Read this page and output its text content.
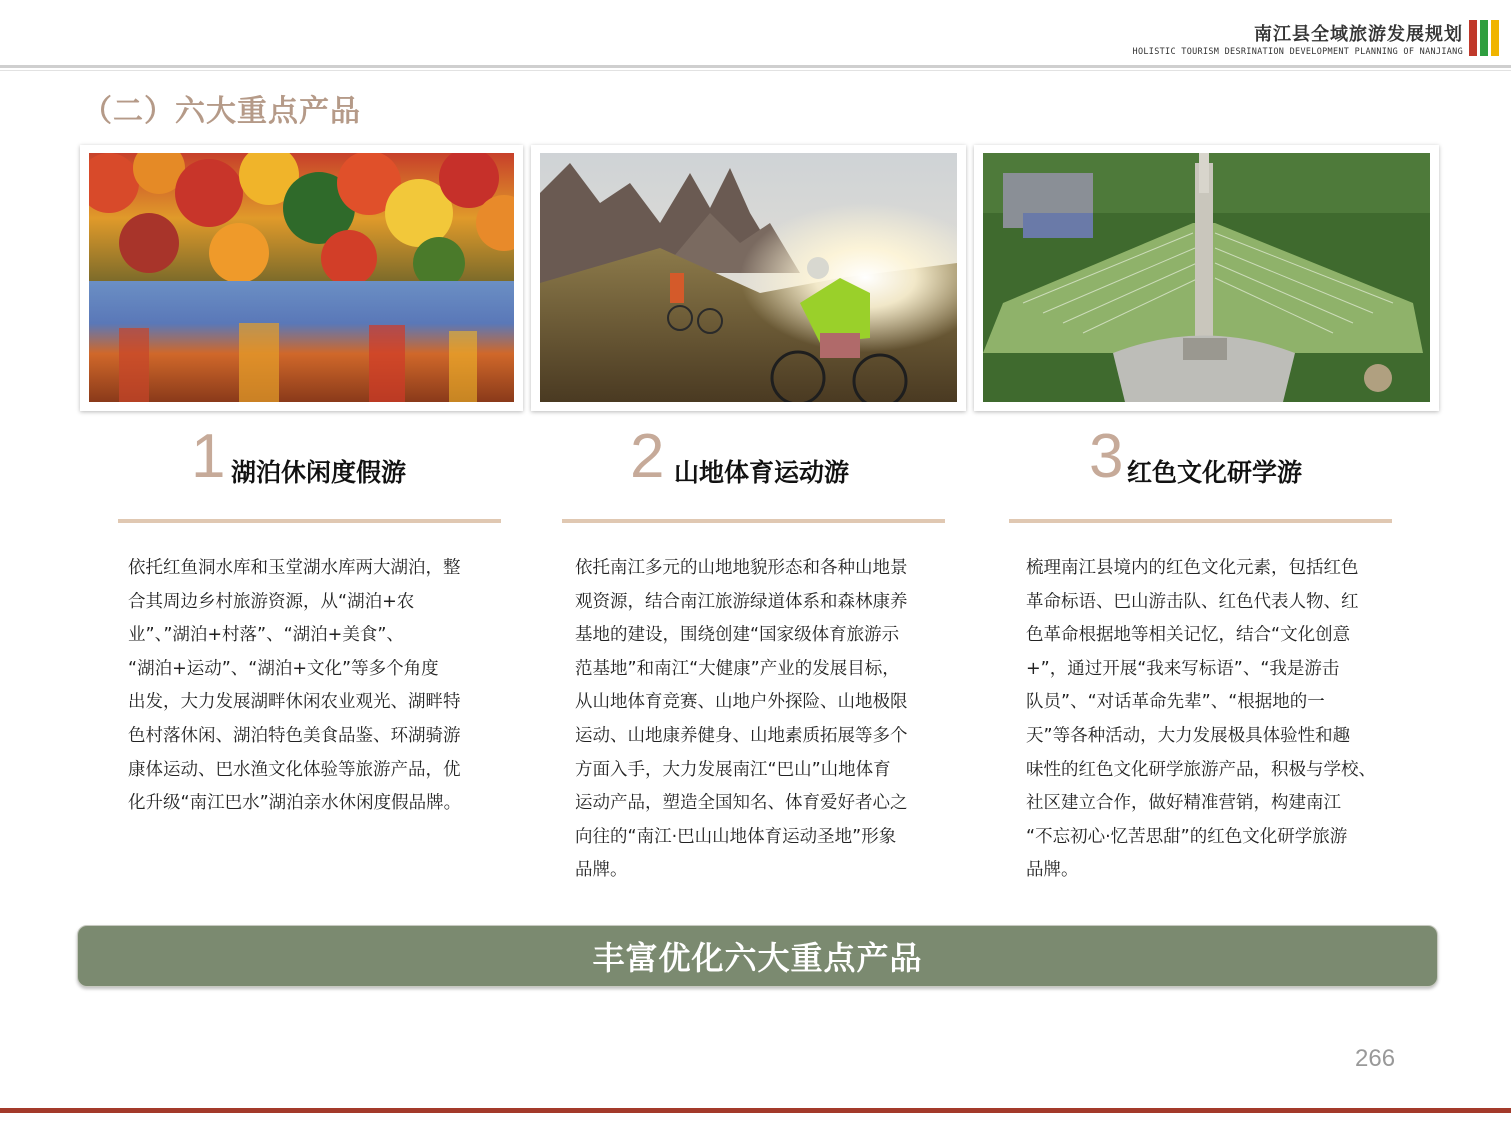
南江县全域旅游发展规划
HOLISTIC TOURISM DESRINATION DEVELOPMENT PLANNING OF NANJIANG
（二）六大重点产品
1 湖泊休闲度假游
依托红鱼洞水库和玉堂湖水库两大湖泊，整
合其周边乡村旅游资源，从“湖泊+农
业”、”湖泊+村落”、“湖泊+美食”、
“湖泊+运动”、“湖泊+文化”等多个角度
出发，大力发展湖畔休闲农业观光、湖畔特
色村落休闲、湖泊特色美食品鉴、环湖骑游
康体运动、巴水渔文化体验等旅游产品，优
化升级“南江巴水”湖泊亲水休闲度假品牌。
2 山地体育运动游
依托南江多元的山地地貌形态和各种山地景
观资源，结合南江旅游绿道体系和森林康养
基地的建设，围绕创建“国家级体育旅游示
范基地”和南江“大健康”产业的发展目标，
从山地体育竞赛、山地户外探险、山地极限
运动、山地康养健身、山地素质拓展等多个
方面入手，大力发展南江“巴山”山地体育
运动产品，塑造全国知名、体育爱好者心之
向往的“南江·巴山山地体育运动圣地”形象
品牌。
3 红色文化研学游
梳理南江县境内的红色文化元素，包括红色
革命标语、巴山游击队、红色代表人物、红
色革命根据地等相关记忆，结合“文化创意
+”，通过开展“我来写标语”、“我是游击
队员”、“对话革命先辈”、“根据地的一
天”等各种活动，大力发展极具体验性和趣
味性的红色文化研学旅游产品，积极与学校、
社区建立合作，做好精准营销，构建南江
“不忘初心·忆苦思甜”的红色文化研学旅游
品牌。
丰富优化六大重点产品
266
